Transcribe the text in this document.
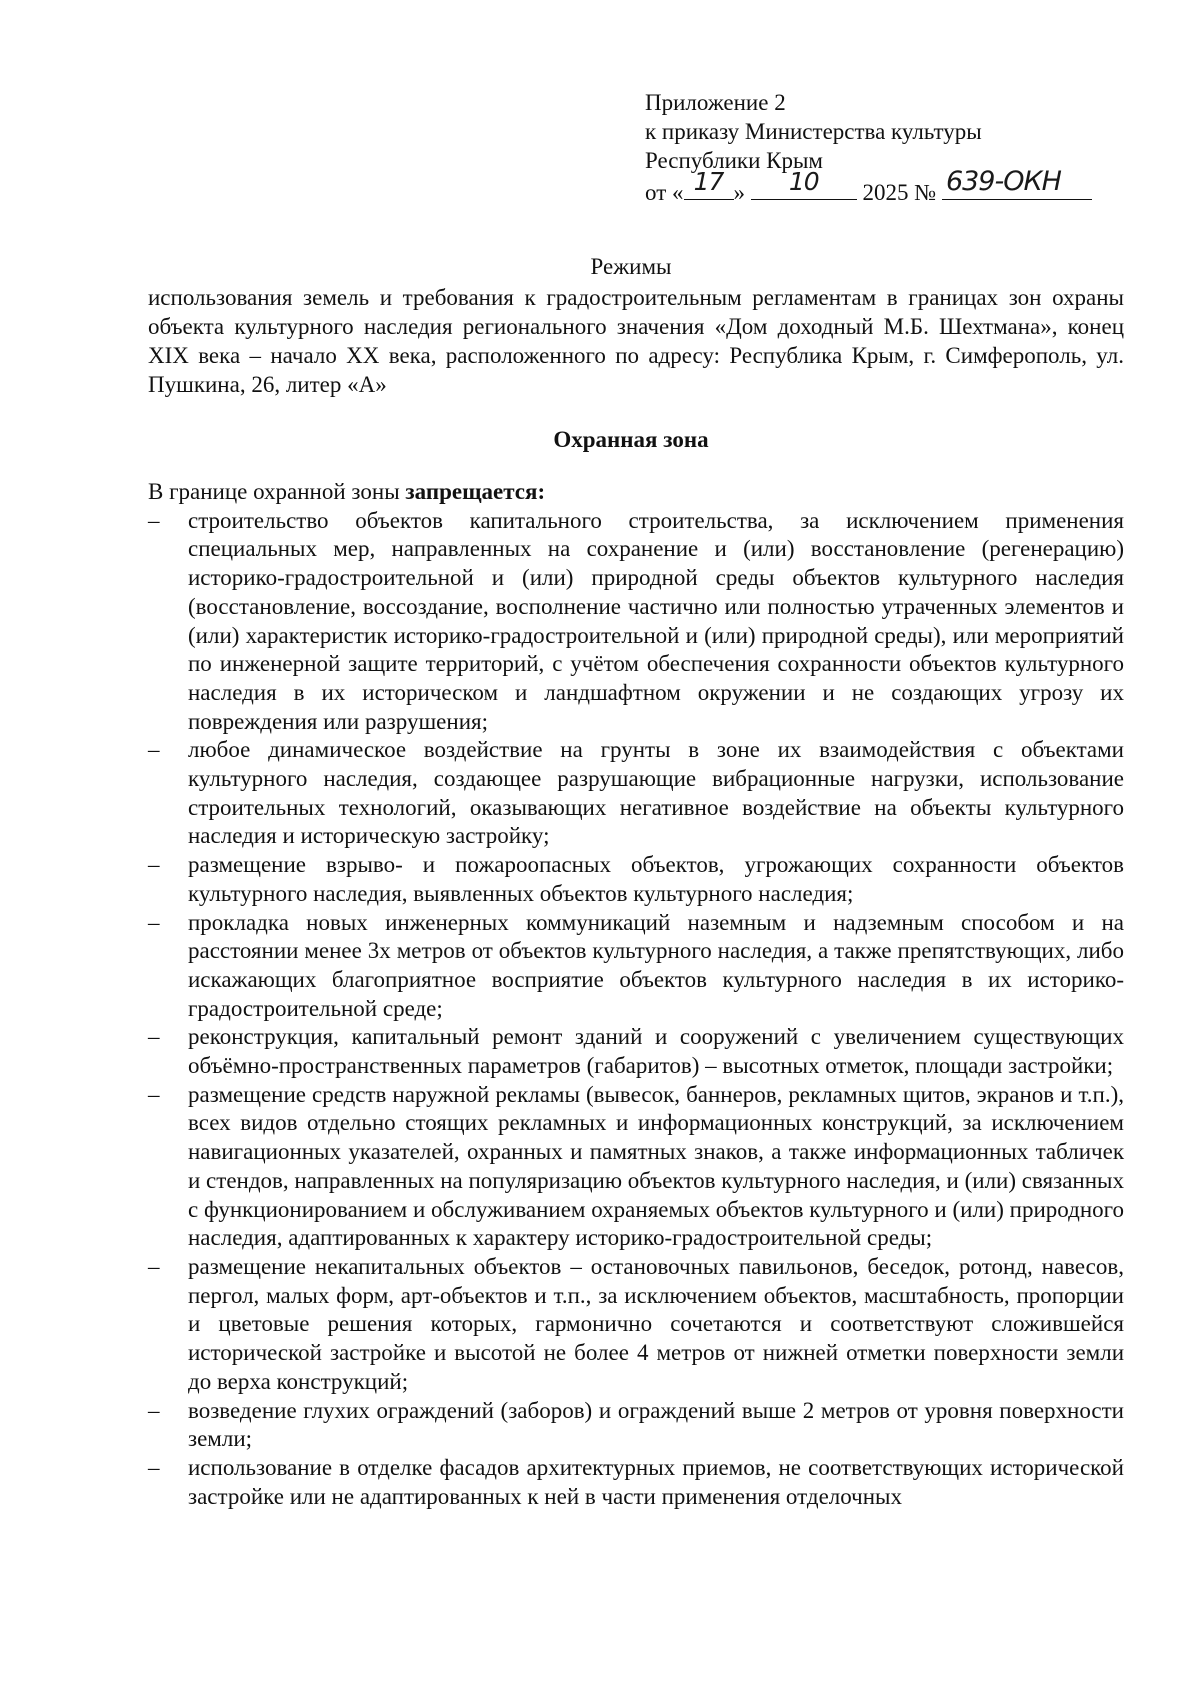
Приложение 2
к приказу Министерства культуры
Республики Крым
от « 17 »	10	2025 № 639-ОКН
Режимы
использования земель и требования к градостроительным регламентам в границах зон охраны объекта культурного наследия регионального значения «Дом доходный М.Б. Шехтмана», конец XIX века – начало XX века, расположенного по адресу: Республика Крым, г. Симферополь, ул. Пушкина, 26, литер «А»
Охранная зона

В границе охранной зоны запрещается:

– строительство объектов капитального строительства, за исключением применения специальных мер, направленных на сохранение и (или) восстановление (регенерацию) историко-градостроительной и (или) природной среды объектов культурного наследия (восстановление, воссоздание, восполнение частично или полностью утраченных элементов и (или) характеристик историко-градостроительной и (или) природной среды), или мероприятий по инженерной защите территорий, с учётом обеспечения сохранности объектов культурного наследия в их историческом и ландшафтном окружении и не создающих угрозу их повреждения или разрушения;
– любое динамическое воздействие на грунты в зоне их взаимодействия с объектами культурного наследия, создающее разрушающие вибрационные нагрузки, использование строительных технологий, оказывающих негативное воздействие на объекты культурного наследия и историческую застройку;
– размещение взрыво- и пожароопасных объектов, угрожающих сохранности объектов культурного наследия, выявленных объектов культурного наследия;
– прокладка новых инженерных коммуникаций наземным и надземным способом и на расстоянии менее 3х метров от объектов культурного наследия, а также препятствующих, либо искажающих благоприятное восприятие объектов культурного наследия в их историко-градостроительной среде;
– реконструкция, капитальный ремонт зданий и сооружений с увеличением существующих объёмно-пространственных параметров (габаритов) – высотных отметок, площади застройки;
– размещение средств наружной рекламы (вывесок, баннеров, рекламных щитов, экранов и т.п.), всех видов отдельно стоящих рекламных и информационных конструкций, за исключением навигационных указателей, охранных и памятных знаков, а также информационных табличек и стендов, направленных на популяризацию объектов культурного наследия, и (или) связанных с функционированием и обслуживанием охраняемых объектов культурного и (или) природного наследия, адаптированных к характеру историко-градостроительной среды;
– размещение некапитальных объектов – остановочных павильонов, беседок, ротонд, навесов, пергол, малых форм, арт-объектов и т.п., за исключением объектов, масштабность, пропорции и цветовые решения которых, гармонично сочетаются и соответствуют сложившейся исторической застройке и высотой не более 4 метров от нижней отметки поверхности земли до верха конструкций;
– возведение глухих ограждений (заборов) и ограждений выше 2 метров от уровня поверхности земли;
– использование в отделке фасадов архитектурных приемов, не соответствующих исторической застройке или не адаптированных к ней в части применения отделочных
